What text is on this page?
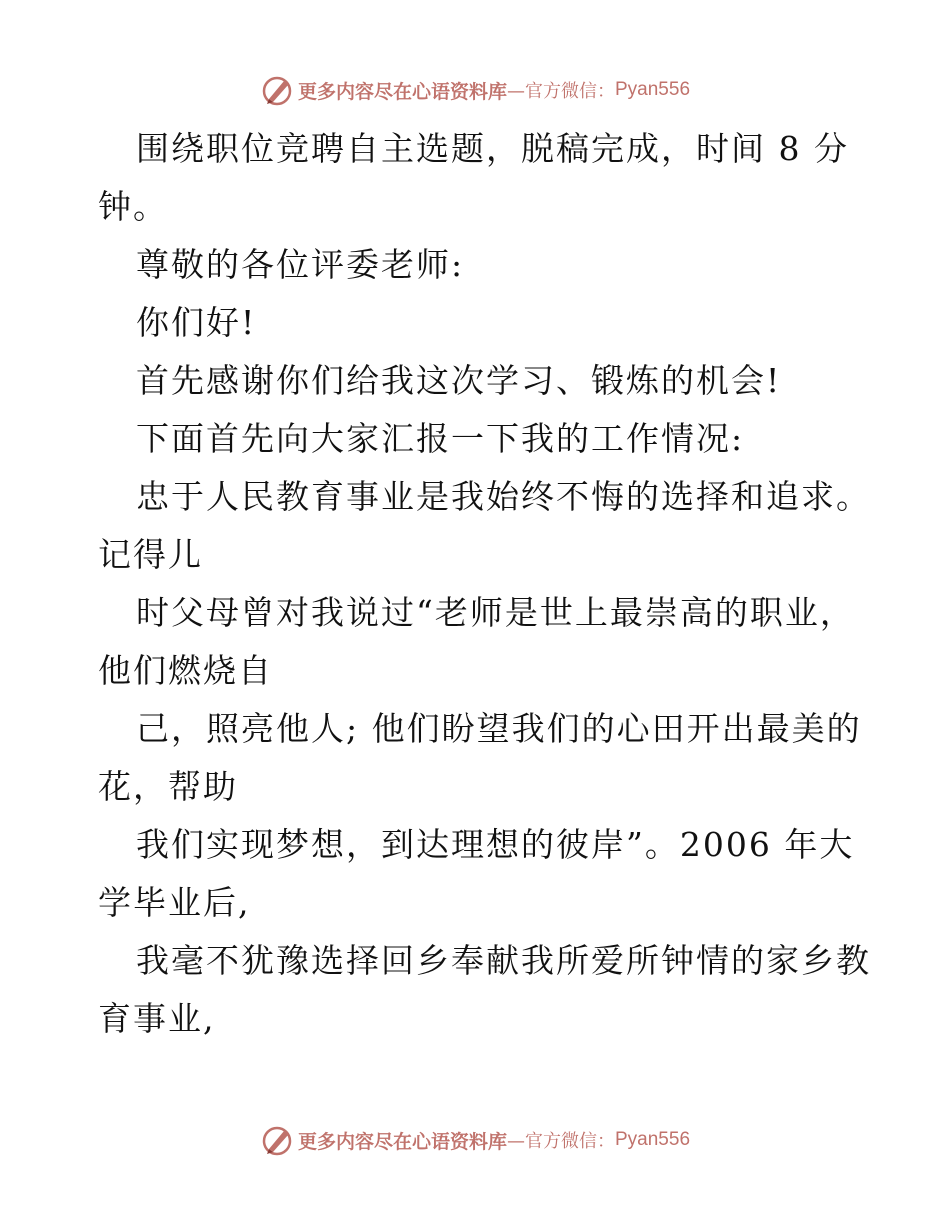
更多内容尽在心语资料库 —官方微信： Pyan556
围绕职位竞聘自主选题，脱稿完成，时间 8 分
钟。
尊敬的各位评委老师:
你们好!
首先感谢你们给我这次学习、锻炼的机会!
下面首先向大家汇报一下我的工作情况:
忠于人民教育事业是我始终不悔的选择和追求。
记得儿
时父母曾对我说过“老师是世上最崇高的职业，
他们燃烧自
己，照亮他人; 他们盼望我们的心田开出最美的
花，帮助
我们实现梦想，到达理想的彼岸”。2006 年大
学毕业后,
我毫不犹豫选择回乡奉献我所爱所钟情的家乡教
育事业,
更多内容尽在心语资料库 —官方微信： Pyan556
